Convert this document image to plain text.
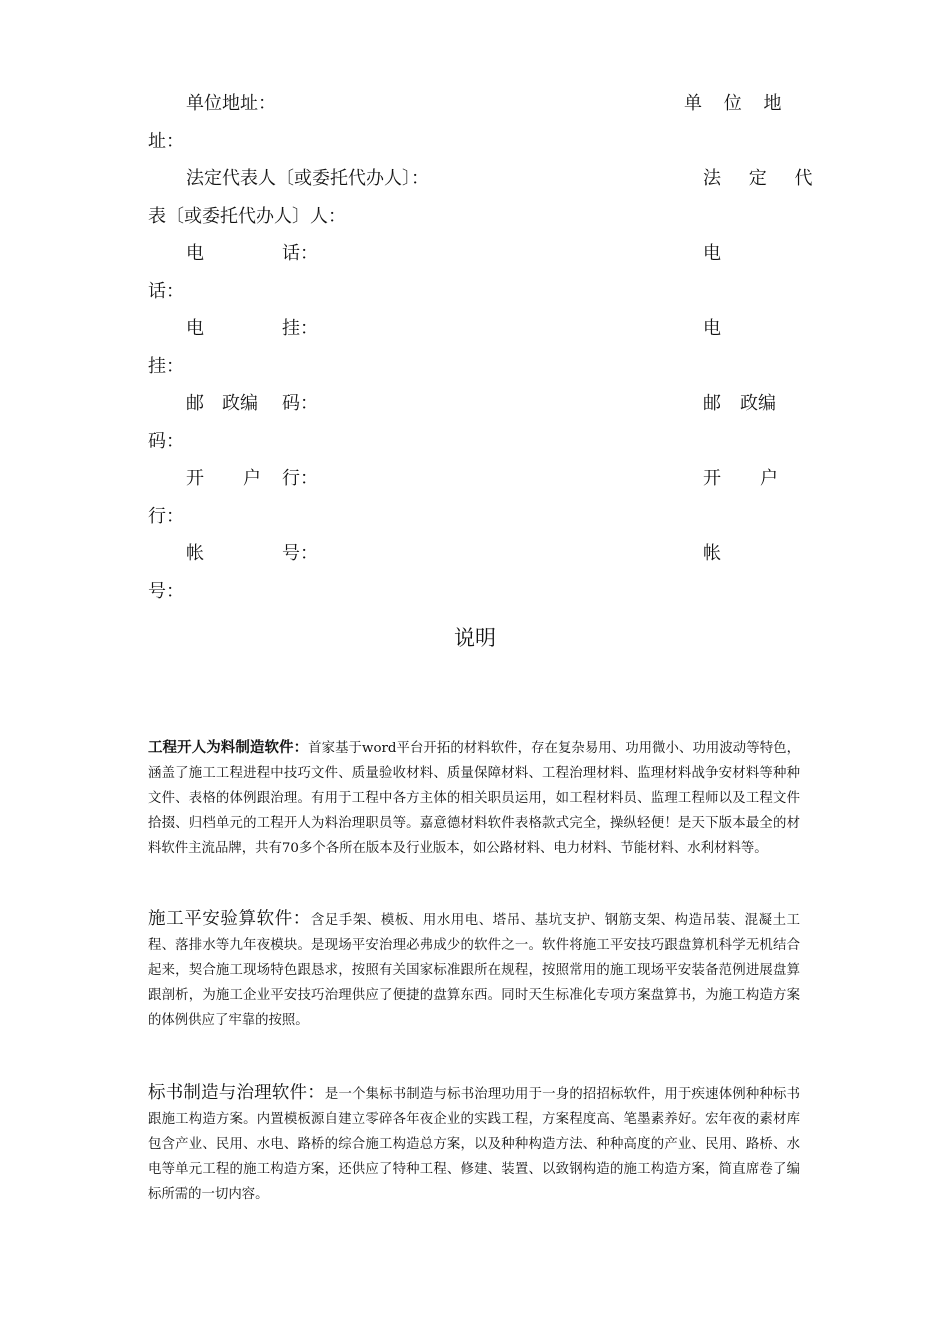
单位地址：	单 位 地
址：
法定代表人〔或委托代办人〕：	法 定 代
表〔或委托代办人〕人：
电	话：	电
话：
电	挂：	电
挂：
邮 政编 码：	邮 政编
码：
开 户 行：	开 户
行：
帐	号：	帐
号：
说明
工程开人为料制造软件：首家基于word平台开拓的材料软件，存在复杂易用、功用微小、功用波动等特色，涵盖了施工工程进程中技巧文件、质量验收材料、质量保障材料、工程治理材料、监理材料战争安材料等种种文件、表格的体例跟治理。有用于工程中各方主体的相关职员运用，如工程材料员、监理工程师以及工程文件拾掇、归档单元的工程开人为料治理职员等。嘉意德材料软件表格款式完全，操纵轻便！是天下版本最全的材料软件主流品牌，共有70多个各所在版本及行业版本，如公路材料、电力材料、节能材料、水利材料等。
施工平安验算软件：含足手架、模板、用水用电、塔吊、基坑支护、钢筋支架、构造吊装、混凝土工程、落排水等九年夜模块。是现场平安治理必弗成少的软件之一。软件将施工平安技巧跟盘算机科学无机结合起来，契合施工现场特色跟恳求，按照有关国家标准跟所在规程，按照常用的施工现场平安装备范例进展盘算跟剖析，为施工企业平安技巧治理供应了便捷的盘算东西。同时天生标准化专项方案盘算书，为施工构造方案的体例供应了牢靠的按照。
标书制造与治理软件：是一个集标书制造与标书治理功用于一身的招招标软件，用于疾速体例种种标书跟施工构造方案。内置模板源自建立零碎各年夜企业的实践工程，方案程度高、笔墨素养好。宏年夜的素材库包含产业、民用、水电、路桥的综合施工构造总方案，以及种种构造方法、种种高度的产业、民用、路桥、水电等单元工程的施工构造方案，还供应了特种工程、修建、装置、以致钢构造的施工构造方案，简直席卷了编标所需的一切内容。
